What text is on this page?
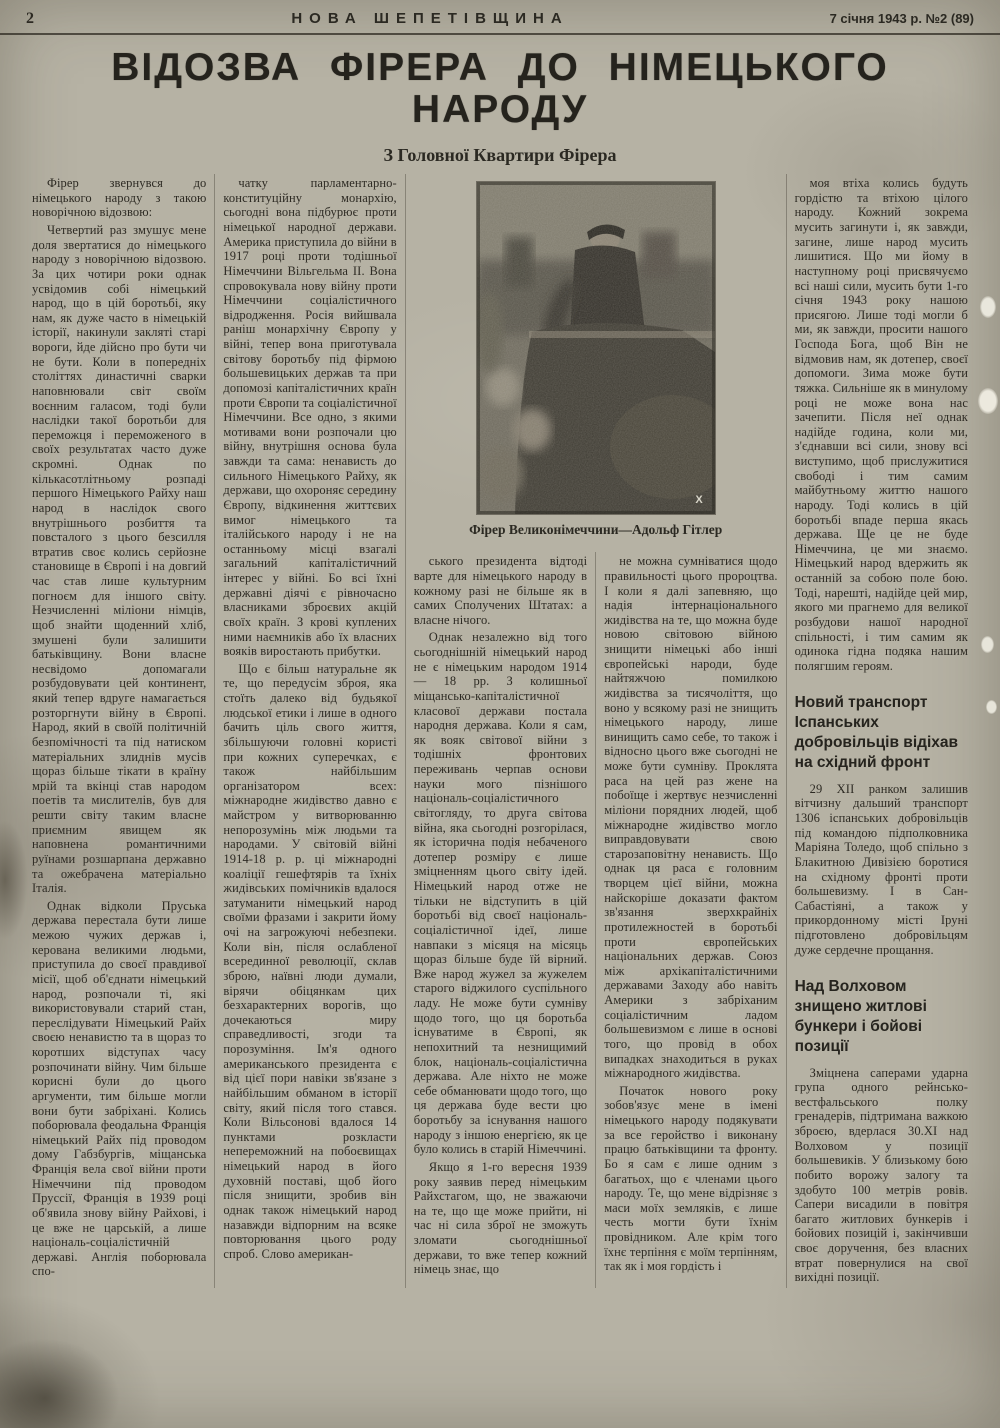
2	НОВА ШЕПЕТІВЩИНА	7 січня 1943 р. №2 (89)
ВІДОЗВА ФІРЕРА ДО НІМЕЦЬКОГО НАРОДУ
З Головної Квартири Фірера

Фірер звернувся до німецького народу з такою новорічною відозвою:

Четвертий раз змушує мене доля звертатися до німецького народу з новорічною відозвою. За цих чотири роки однак усвідомив собі німецький народ, що в цій боротьбі, яку нам, як дуже часто в німецькій історії, накинули закляті старі вороги, йде дійсно про бути чи не бути. Коли в попередніх століттях династичні сварки наповнювали світ своїм воєнним галасом, тоді були наслідки такої боротьби для переможця і переможеного в своїх результатах часто дуже скромні. Однак по кількасотлітньому розпаді першого Німецького Райху наш народ в наслідок свого внутрішнього розбиття та повсталого з цього безсилля втратив своє колись серйозне становище в Європі і на довгий час став лише культурним погноєм для іншого світу. Незчисленні міліони німців, щоб знайти щоденний хліб, змушені були залишити батьківщину. Вони власне несвідомо допомагали розбудовувати цей континент, який тепер вдруге намагається розторгнути війну в Європі. Народ, який в своїй політичній безпомічності та під натиском матеріальних злиднів мусів щораз більше тікати в країну мрій та вкінці став народом поетів та мислителів, був для решти світу таким власне приємним явищем як наповнена романтичними руїнами розшарпана державно та ожебрачена матеріально Італія.

Однак відколи Пруська держава перестала бути лише межою чужих держав і, керована великими людьми, приступила до своєї правдивої місії, щоб об'єднати німецький народ, розпочали ті, які використовували старий стан, переслідувати Німецький Райх своєю ненавистю та в щораз то коротших відступах часу розпочинати війну. Чим більше корисні були до цього аргументи, тим більше могли вони бути забріхані. Колись поборювала феодальна Франція німецький Райх під проводом дому Габзбургів, міщанська Франція вела свої війни проти Німеччини під проводом Пруссії, Франція в 1939 році об'явила знову війну Райхові, і це вже не царській, а лише національ-соціалістичній державі. Англія поборювала спо-

чатку парламентарно-конституційну монархію, сьогодні вона підбурює проти німецької народної держави. Америка приступила до війни в 1917 році проти тодішньої Німеччини Вільгельма II. Вона спровокувала нову війну проти Німеччини соціалістичного відродження. Росія вийшвала раніш монархічну Європу у війні, тепер вона приготувала світову боротьбу під фірмою большевицьких держав та при допомозі капіталістичних країн проти Європи та соціалістичної Німеччини. Все одно, з якими мотивами вони розпочали цю війну, внутрішня основа була завжди та сама: ненависть до сильного Німецького Райху, як держави, що охороняє середину Європу, відкинення життєвих вимог німецького та італійського народу і не на останньому місці взагалі загальний капіталістичний інтерес у війні. Бо всі їхні державні діячі є рівночасно власниками зброєвих акцій своїх країн. З крові куплених ними наємників або їх власних вояків виростають прибутки.

Що є більш натуральне як те, що передусім зброя, яка стоїть далеко від будьякої людської етики і лише в одного бачить ціль свого життя, збільшуючи головні користі при кожних суперечках, є також найбільшим організатором всех: міжнародне жидівство давно є майстром у витворюванню непорозумінь між людьми та народами. У світовій війні 1914-18 р. р. ці міжнародні коаліції гешефтярів та їхніх жидівських помічників вдалося затуманити німецький народ своїми фразами і закрити йому очі на загрожуючі небезпеки. Коли він, після ослабленої всерединної революції, склав зброю, наївні люди думали, вірячи обіцянкам цих безхарактерних ворогів, що дочекаються миру справедливості, згоди та порозуміння. Ім'я одного американського президента є від цієї пори навіки зв'язане з найбільшим обманом в історії світу, який після того стався. Коли Вільсонові вдалося 14 пунктами розкласти непереможний на побоєвищах німецький народ в його духовній поставі, щоб його після знищити, зробив він однак також німецький народ назавжди відпорним на всяке повторювання цього роду спроб. Слово американ-

X
Фірер Великонімеччини—Адольф Гітлер

ського президента відтоді варте для німецького народу в кожному разі не більше як в самих Сполучених Штатах: а власне нічого.

Однак незалежно від того сьогоднішній німецький народ не є німецьким народом 1914 — 18 рр. З колишньої міщансько-капіталістичної класової держави постала народня держава. Коли я сам, як вояк світової війни з тодішніх фронтових переживань черпав основи науки мого пізнішого національ-соціалістичного світогляду, то друга світова війна, яка сьогодні розгорілася, як історична подія небаченого дотепер розміру є лише зміцненням цього світу ідей. Німецький народ отже не тільки не відступить в цій боротьбі від своєї національ-соціалістичної ідеї, лише навпаки з місяця на місяць щораз більше буде їй вірний. Вже народ жужел за жужелем старого віджилого суспільного ладу. Не може бути сумніву щодо того, що ця боротьба існуватиме в Європі, як непохитний та незнищимий блок, національ-соціалістична держава. Але ніхто не може себе обманювати щодо того, що ця держава буде вести цю боротьбу за існування нашого народу з іншою енергією, як це було колись в старій Німеччині.

Якщо я 1-го вересня 1939 року заявив перед німецьким Райхстагом, що, не зважаючи на те, що ще може прийти, ні час ні сила зброї не зможуть зломати сьогоднішньої держави, то вже тепер кожний німець знає, що

не можна сумніватися щодо правильності цього пророцтва. І коли я далі запевняю, що надія інтернаціонального жидівства на те, що можна буде новою світовою війною знищити німецькі або інші європейські народи, буде найтяжчою помилкою жидівства за тисячоліття, що воно у всякому разі не знищить німецького народу, лише винищить само себе, то також і відносно цього вже сьогодні не може бути сумніву. Проклята раса на цей раз жене на побоїще і жертвує незчисленні міліони порядних людей, щоб міжнародне жидівство могло виправдовувати свою старозаповітну ненависть. Що однак ця раса є головним творцем цієї війни, можна найскоріше доказати фактом зв'язання зверхкрайніх протилежностей в боротьбі проти європейських національних держав. Союз між архікапіталістичними державами Заходу або навіть Америки з забріханим соціалістичним ладом большевизмом є лише в основі того, що провід в обох випадках знаходиться в руках міжнародного жидівства.

Початок нового року зобов'язує мене в імені німецького народу подякувати за все геройство і виконану працю батьківщини та фронту. Бо я сам є лише одним з багатьох, що є членами цього народу. Те, що мене відрізняє з маси моїх земляків, є лише честь могти бути їхнім провідником. Але крім того їхнє терпіння є моїм терпінням, так як і моя гордість і

моя втіха колись будуть гордістю та втіхою цілого народу. Кожний зокрема мусить загинути і, як завжди, загине, лише народ мусить лишитися. Що ми йому в наступному році присвячуємо всі наші сили, мусить бути 1-го січня 1943 року нашою присягою. Лише тоді могли б ми, як завжди, просити нашого Господа Бога, щоб Він не відмовив нам, як дотепер, своєї допомоги. Зима може бути тяжка. Сильніше як в минулому році не може вона нас зачепити. Після неї однак надійде година, коли ми, з'єднавши всі сили, знову всі виступимо, щоб прислужитися свободі і тим самим майбутньому життю нашого народу. Тоді колись в цій боротьбі впаде перша якась держава. Ще це не буде Німеччина, це ми знаємо. Німецький народ вдержить як останній за собою поле бою. Тоді, нарешті, надійде цей мир, якого ми прагнемо для великої розбудови нашої народної спільності, і тим самим як одинока гідна подяка нашим полягшим героям.

Новий транспорт Іспанських добровільців відіхав на східний фронт

29 XII ранком залишив вітчизну дальший транспорт 1306 іспанських добровільців під командою підполковника Маріяна Толедо, щоб спільно з Блакитною Дивізією боротися на східному фронті проти большевизму. І в Сан-Сабастіяні, а також у прикордонному місті Іруні підготовлено добровільцям дуже сердечне прощання.

Над Волховом знищено житлові бункери і бойові позиції

Зміцнена саперами ударна група одного рейнсько-вестфальського полку гренадерів, підтримана важкою зброєю, вдерлася 30.XI над Волховом у позиції большевиків. У близькому бою побито ворожу залогу та здобуто 100 метрів ровів. Сапери висадили в повітря багато житлових бункерів і бойових позицій і, закінчивши своє доручення, без власних втрат повернулися на свої вихідні позиції.
